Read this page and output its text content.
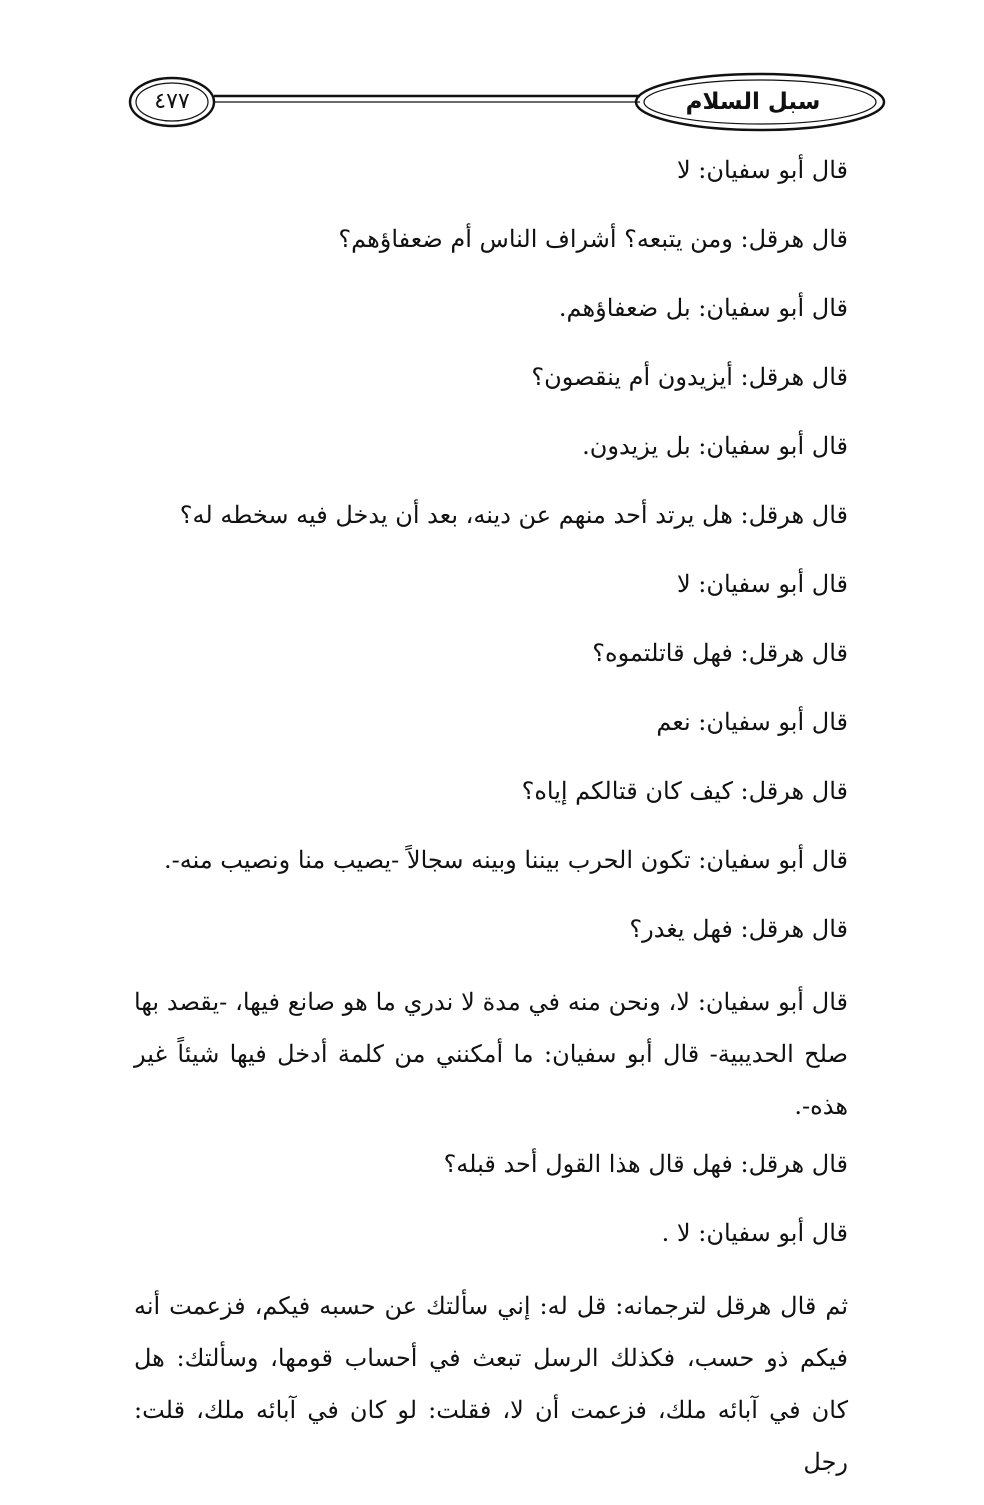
سبل السلام
٤٧٧

قال أبو سفيان: لا

قال هرقل: ومن يتبعه؟ أشراف الناس أم ضعفاؤهم؟

قال أبو سفيان: بل ضعفاؤهم.

قال هرقل: أيزيدون أم ينقصون؟

قال أبو سفيان: بل يزيدون.

قال هرقل: هل يرتد أحد منهم عن دينه، بعد أن يدخل فيه سخطه له؟

قال أبو سفيان: لا

قال هرقل: فهل قاتلتموه؟

قال أبو سفيان: نعم

قال هرقل: كيف كان قتالكم إياه؟

قال أبو سفيان: تكون الحرب بيننا وبينه سجالاً -يصيب منا ونصيب منه-.

قال هرقل: فهل يغدر؟

قال أبو سفيان: لا، ونحن منه في مدة لا ندري ما هو صانع فيها، -يقصد بها صلح الحديبية- قال أبو سفيان: ما أمكنني من كلمة أدخل فيها شيئاً غير هذه-.

قال هرقل: فهل قال هذا القول أحد قبله؟

قال أبو سفيان: لا .

ثم قال هرقل لترجمانه: قل له: إني سألتك عن حسبه فيكم، فزعمت أنه فيكم ذو حسب، فكذلك الرسل تبعث في أحساب قومها، وسألتك: هل كان في آبائه ملك، فزعمت أن لا، فقلت: لو كان في آبائه ملك، قلت: رجل
